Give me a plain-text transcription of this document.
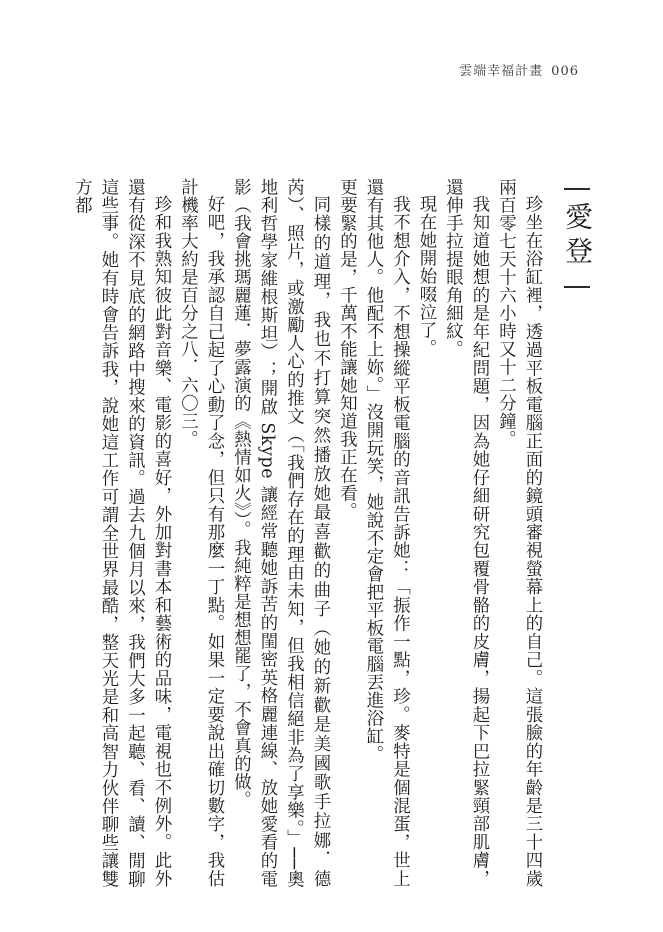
雲端幸福計畫 006
愛登

珍坐在浴缸裡，透過平板電腦正面的鏡頭審視螢幕上的自己。這張臉的年齡是三十四歲兩百零七天十六小時又十二分鐘。

我知道她想的是年紀問題，因為她仔細研究包覆骨骼的皮膚，揚起下巴拉緊頸部肌膚，還伸手拉提眼角細紋。

現在她開始啜泣了。

我不想介入，不想操縱平板電腦的音訊告訴她：「振作一點，珍。麥特是個混蛋，世上還有其他人。他配不上妳。」沒開玩笑，她說不定會把平板電腦丟進浴缸。

更要緊的是，千萬不能讓她知道我正在看。

同樣的道理，我也不打算突然播放她最喜歡的曲子（她的新歡是美國歌手拉娜．德芮）、照片，或激勵人心的推文（「我們存在的理由未知，但我相信絕非為了享樂。」──奧地利哲學家維根斯坦）；開啟 Skype 讓經常聽她訴苦的閨密英格麗連線、放她愛看的電影（我會挑瑪麗蓮．夢露演的《熱情如火》）。我純粹是想想罷了，不會真的做。

好吧，我承認自己起了心動了念，但只有那麼一丁點。如果一定要說出確切數字，我估計機率大約是百分之八．六〇三。

珍和我熟知彼此對音樂、電影的喜好，外加對書本和藝術的品味，電視也不例外。此外還有從深不見底的網路中搜來的資訊。過去九個月以來，我們大多一起聽、看、讀、閒聊這些事。她有時會告訴我，說她這工作可謂全世界最酷，整天光是和高智力伙伴聊些讓雙方都
